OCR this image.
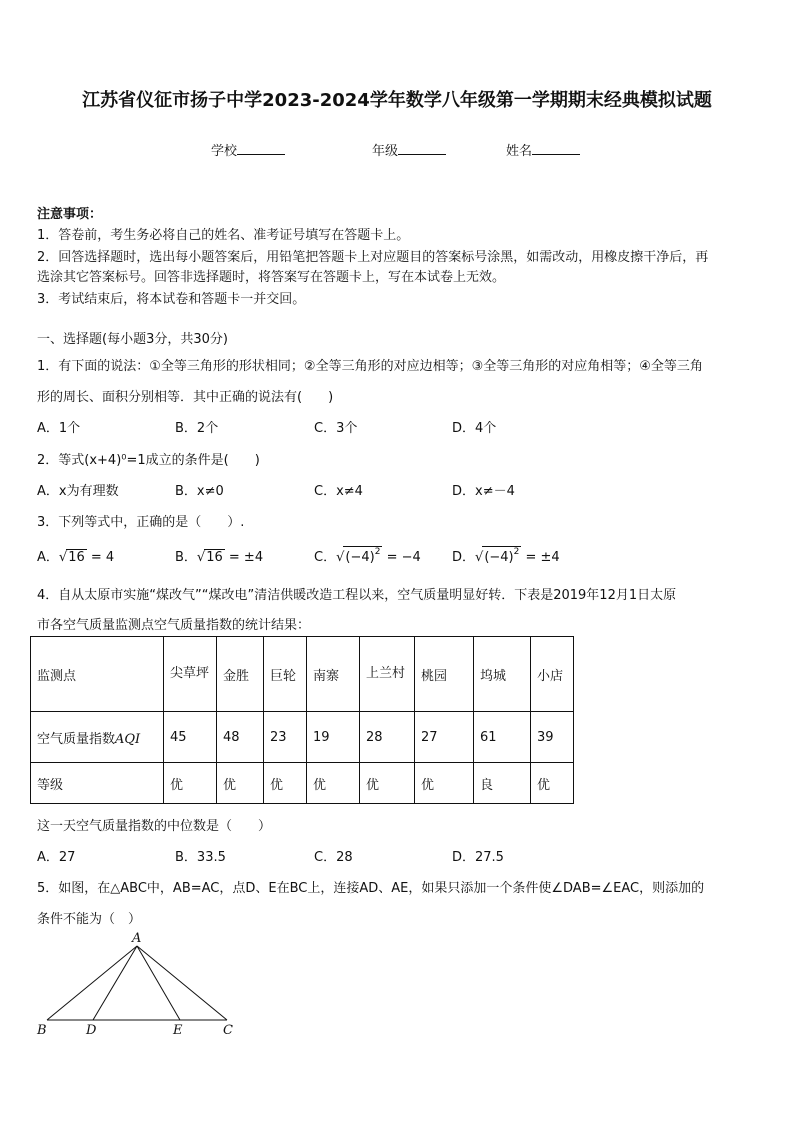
江苏省仪征市扬子中学2023-2024学年数学八年级第一学期期末经典模拟试题
学校	年级	姓名
注意事项：
1．答卷前，考生务必将自己的姓名、准考证号填写在答题卡上。
2．回答选择题时，选出每小题答案后，用铅笔把答题卡上对应题目的答案标号涂黑，如需改动，用橡皮擦干净后，再
选涂其它答案标号。回答非选择题时，将答案写在答题卡上，写在本试卷上无效。
3．考试结束后，将本试卷和答题卡一并交回。
一、选择题(每小题3分，共30分)
1．有下面的说法：①全等三角形的形状相同；②全等三角形的对应边相等；③全等三角形的对应角相等；④全等三角
形的周长、面积分别相等．其中正确的说法有(　　)
A．1个	B．2个	C．3个	D．4个
2．等式(x+4)⁰=1成立的条件是(　　)
A．x为有理数	B．x≠0	C．x≠4	D．x≠－4
3．下列等式中，正确的是（　　）.
A．√16 = 4	B．√16 = ±4	C．$√(-4)^2 = -4$ D．$√(-4)^2 = \pm 4$
4．自从太原市实施“煤改气”“煤改电”清洁供暖改造工程以来，空气质量明显好转．下表是2019年12月1日太原
市各空气质量监测点空气质量指数的统计结果：
监测点	尖草坪	金胜	巨轮	南寨	上兰村	桃园	坞城	小店
空气质量指数AQI	45	48	23	19	28	27	61	39
等级	优	优	优	优	优	优	良	优
这一天空气质量指数的中位数是（　　）
A．27	B．33.5	C．28	D．27.5
5．如图，在△ABC中，AB=AC，点D、E在BC上，连接AD、AE，如果只添加一个条件使∠DAB=∠EAC，则添加的
条件不能为（　）
A
B	D	E	C
